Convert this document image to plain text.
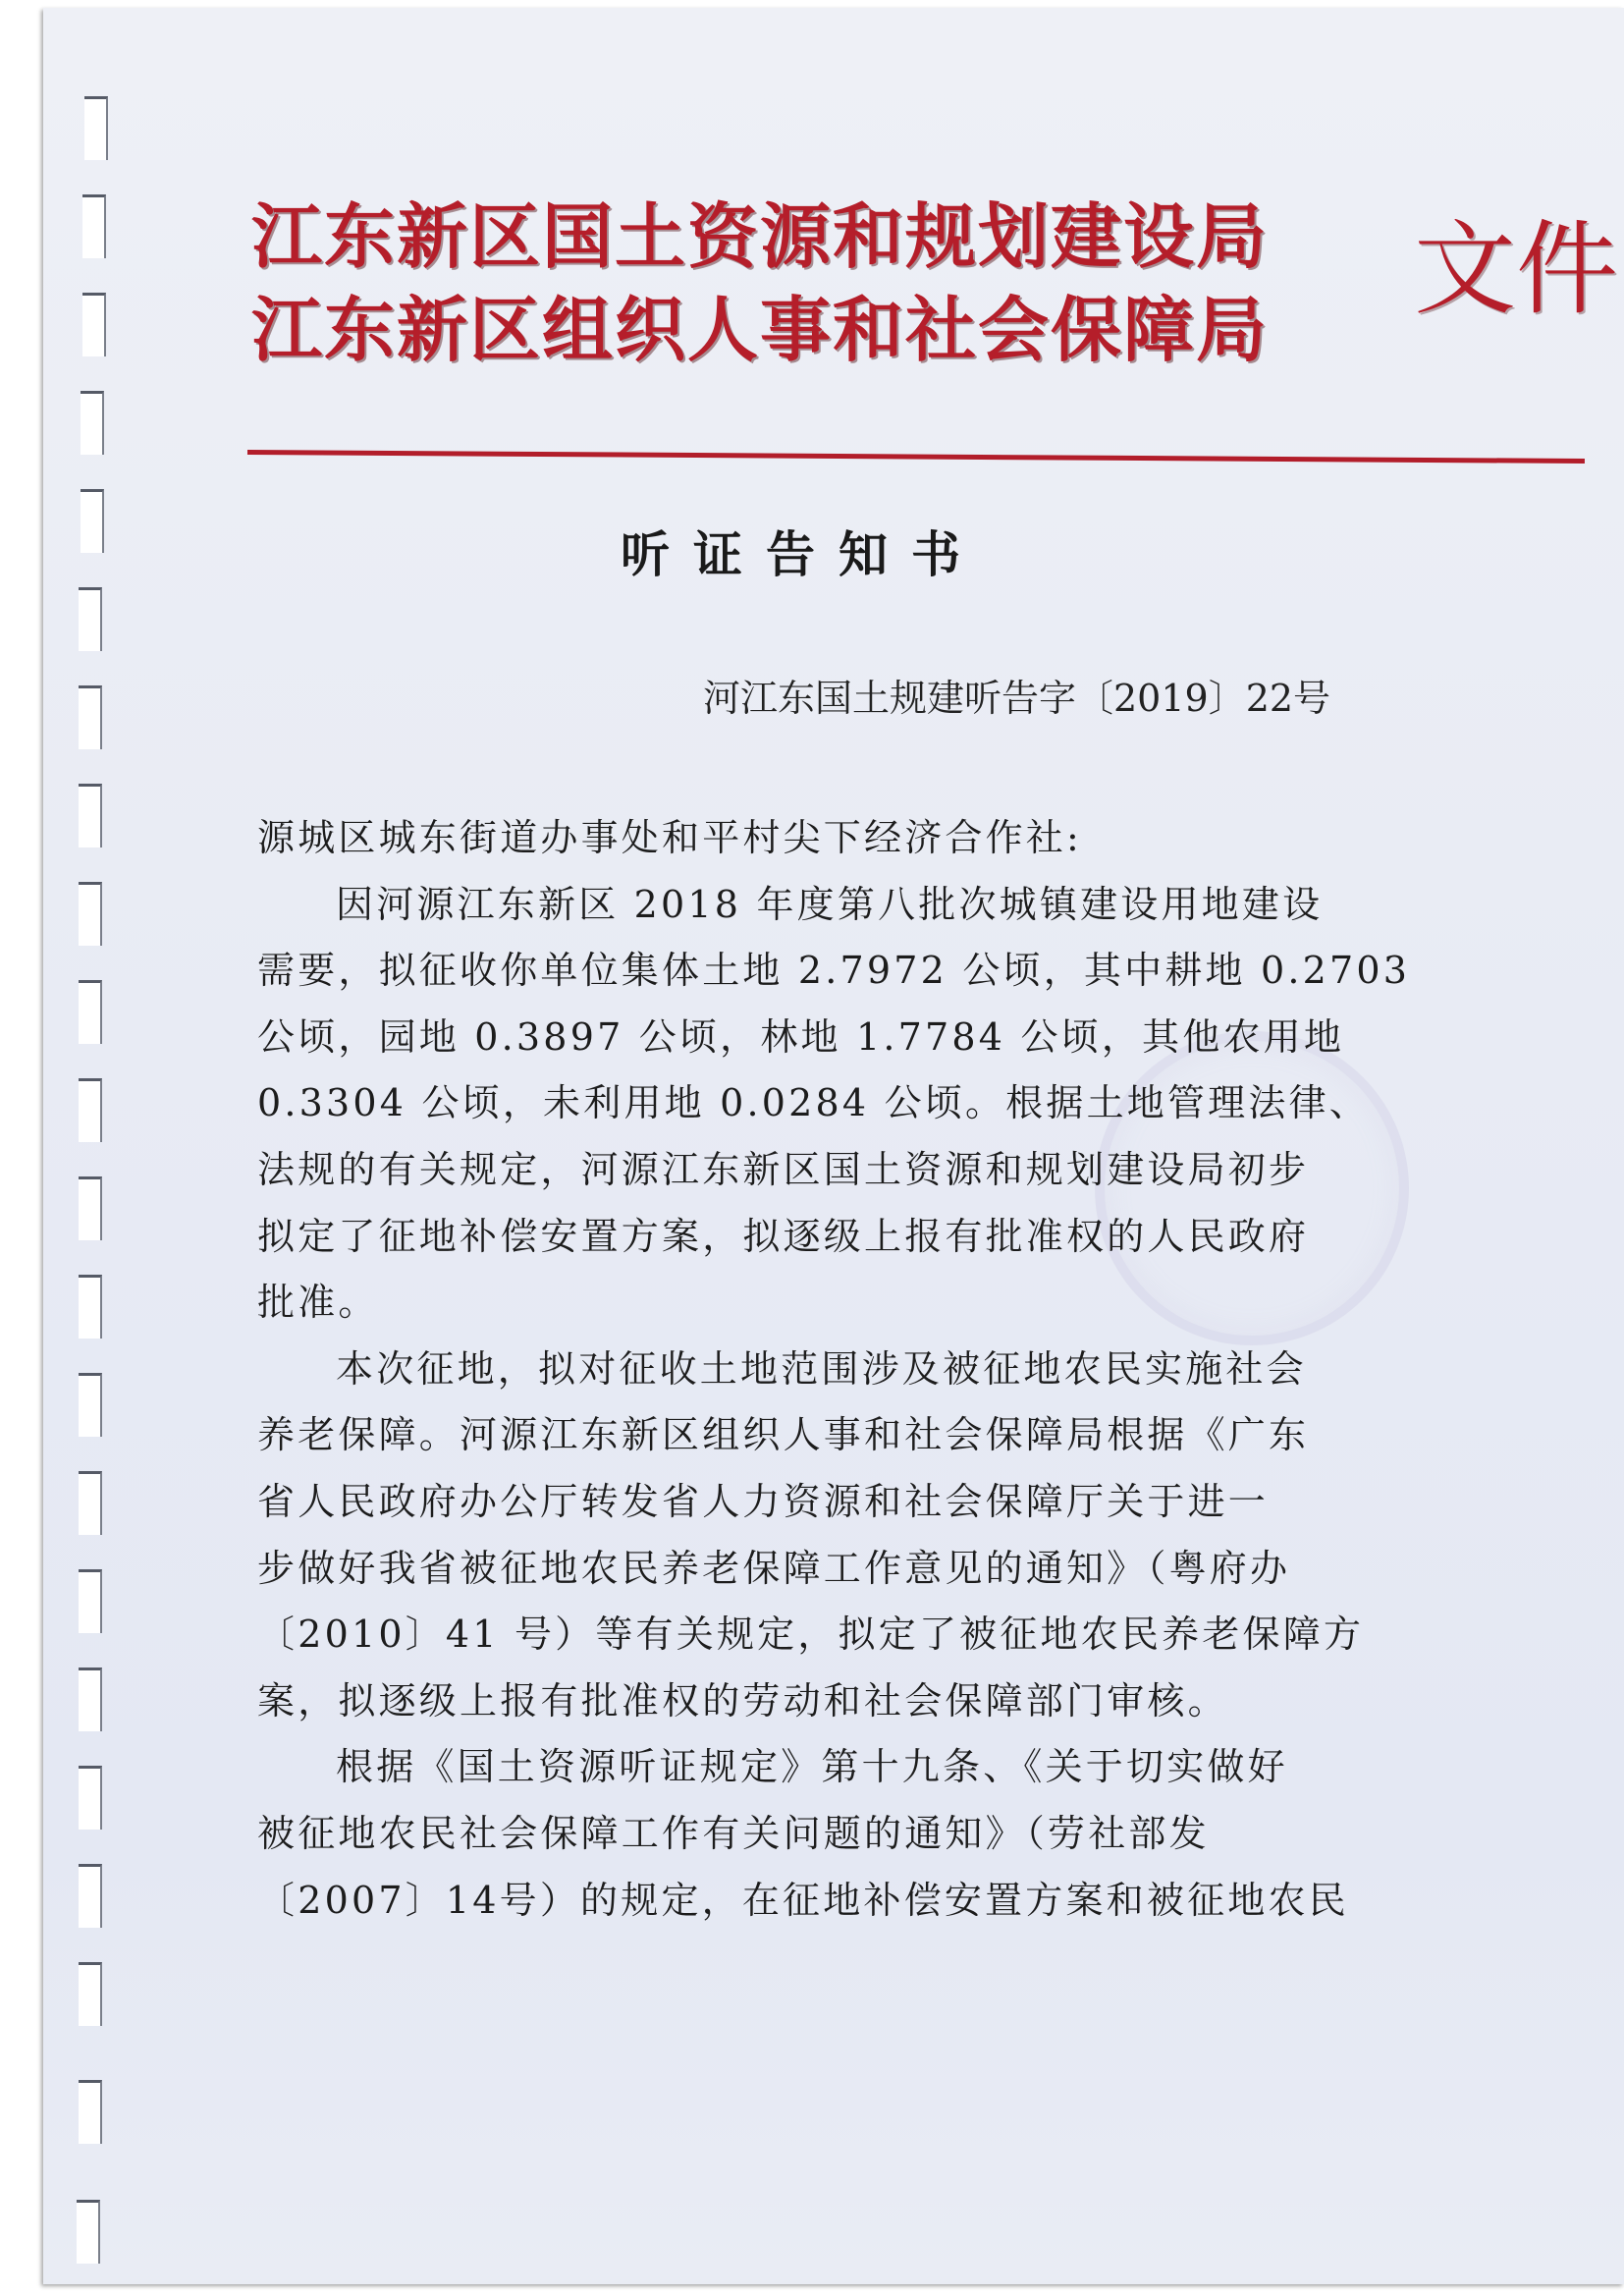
江东新区国土资源和规划建设局
江东新区组织人事和社会保障局
文件
听证告知书
河江东国土规建听告字〔2019〕22号
源城区城东街道办事处和平村尖下经济合作社:
因河源江东新区 2018 年度第八批次城镇建设用地建设
需要，拟征收你单位集体土地 2.7972 公顷，其中耕地 0.2703
公顷，园地 0.3897 公顷，林地 1.7784 公顷，其他农用地
0.3304 公顷，未利用地 0.0284 公顷。根据土地管理法律、
法规的有关规定，河源江东新区国土资源和规划建设局初步
拟定了征地补偿安置方案，拟逐级上报有批准权的人民政府
批准。
本次征地，拟对征收土地范围涉及被征地农民实施社会
养老保障。河源江东新区组织人事和社会保障局根据《广东
省人民政府办公厅转发省人力资源和社会保障厅关于进一
步做好我省被征地农民养老保障工作意见的通知》（粤府办
〔2010〕41 号）等有关规定，拟定了被征地农民养老保障方
案，拟逐级上报有批准权的劳动和社会保障部门审核。
根据《国土资源听证规定》第十九条、《关于切实做好
被征地农民社会保障工作有关问题的通知》（劳社部发
〔2007〕14号）的规定，在征地补偿安置方案和被征地农民
